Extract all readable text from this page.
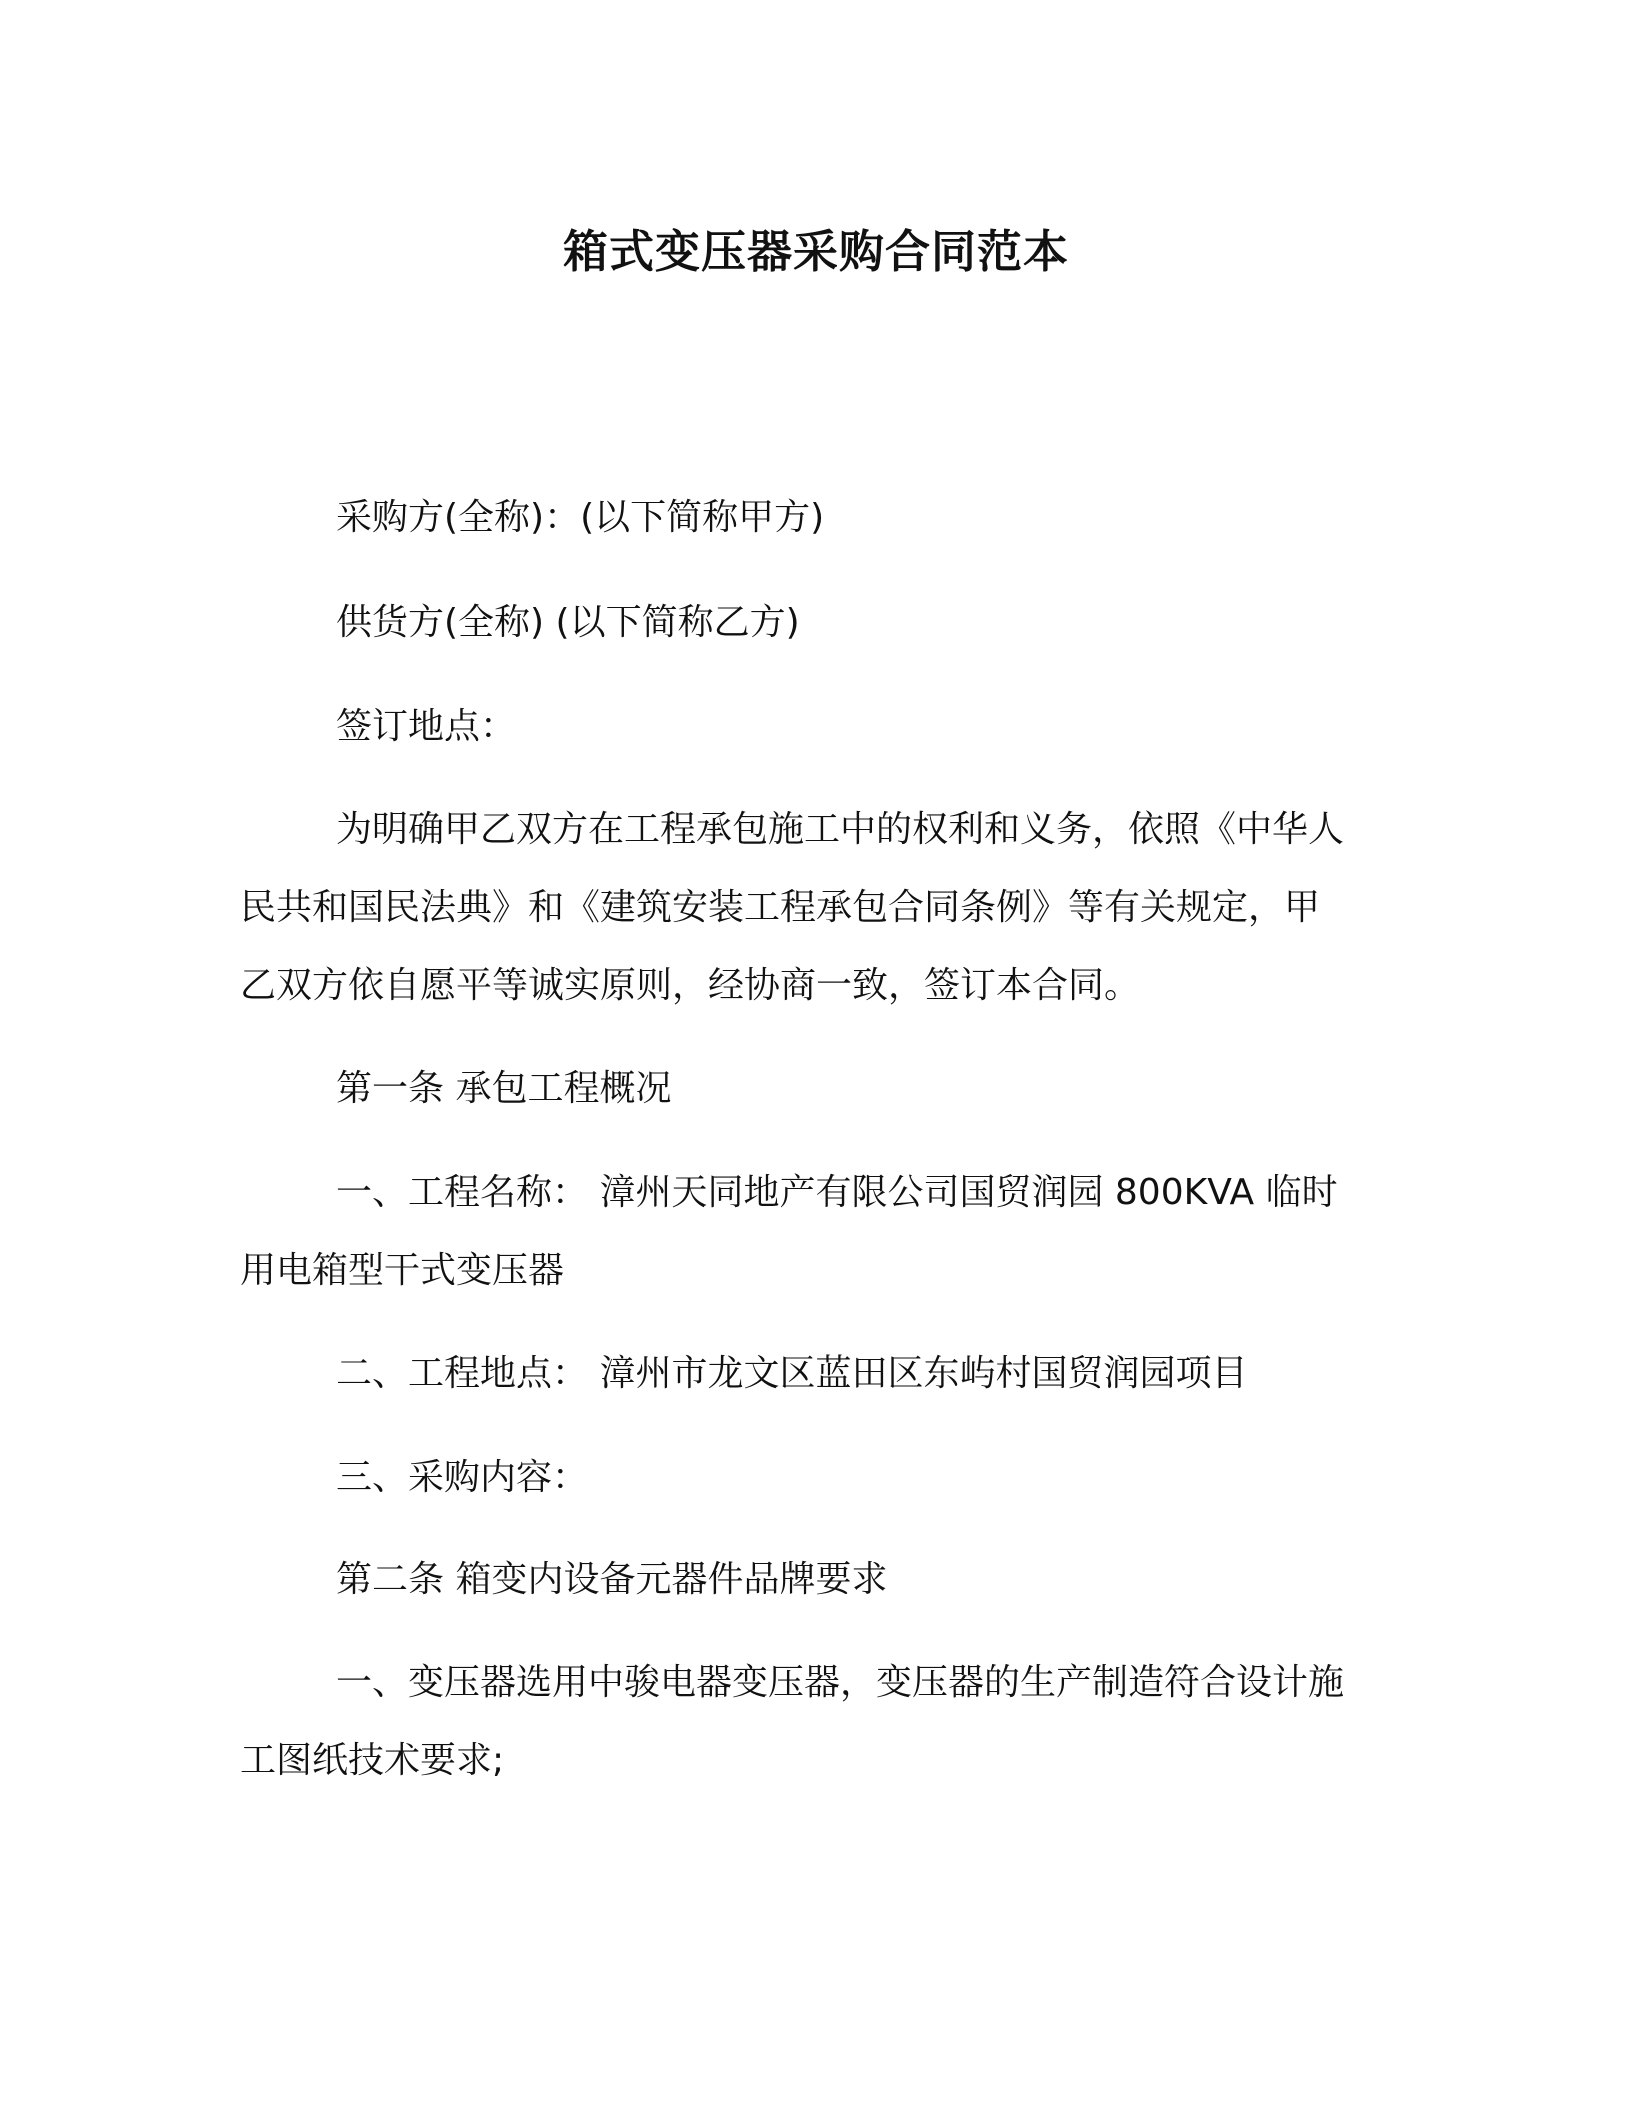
箱式变压器采购合同范本
采购方(全称)：(以下简称甲方)
供货方(全称) (以下简称乙方)
签订地点：
为明确甲乙双方在工程承包施工中的权利和义务，依照《中华人
民共和国民法典》和《建筑安装工程承包合同条例》等有关规定，甲
乙双方依自愿平等诚实原则，经协商一致，签订本合同。
第一条 承包工程概况
一、工程名称： 漳州天同地产有限公司国贸润园 800KVA 临时
用电箱型干式变压器
二、工程地点： 漳州市龙文区蓝田区东屿村国贸润园项目
三、采购内容：
第二条 箱变内设备元器件品牌要求
一、变压器选用中骏电器变压器，变压器的生产制造符合设计施
工图纸技术要求;
